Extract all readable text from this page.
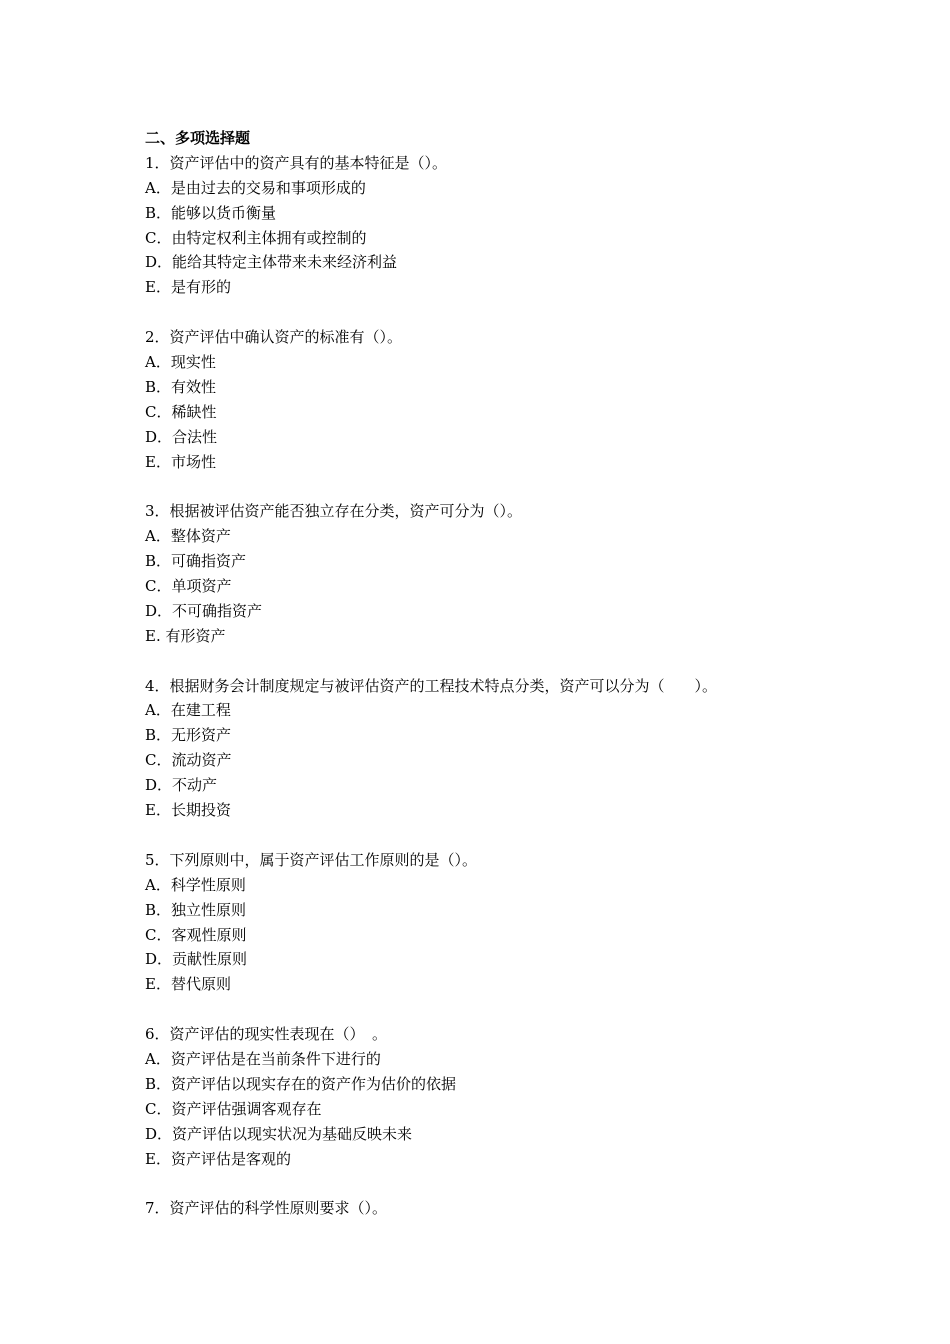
二、多项选择题
1．资产评估中的资产具有的基本特征是（）。
A．是由过去的交易和事项形成的
B．能够以货币衡量
C．由特定权利主体拥有或控制的
D．能给其特定主体带来未来经济利益
E．是有形的
2．资产评估中确认资产的标准有（）。
A．现实性
B．有效性
C．稀缺性
D．合法性
E．市场性
3．根据被评估资产能否独立存在分类，资产可分为（）。
A．整体资产
B．可确指资产
C．单项资产
D．不可确指资产
E. 有形资产
4．根据财务会计制度规定与被评估资产的工程技术特点分类，资产可以分为（　　）。
A．在建工程
B．无形资产
C．流动资产
D．不动产
E．长期投资
5．下列原则中，属于资产评估工作原则的是（）。
A．科学性原则
B．独立性原则
C．客观性原则
D．贡献性原则
E．替代原则
6．资产评估的现实性表现在（）　。
A．资产评估是在当前条件下进行的
B．资产评估以现实存在的资产作为估价的依据
C．资产评估强调客观存在
D．资产评估以现实状况为基础反映未来
E．资产评估是客观的
7．资产评估的科学性原则要求（）。
